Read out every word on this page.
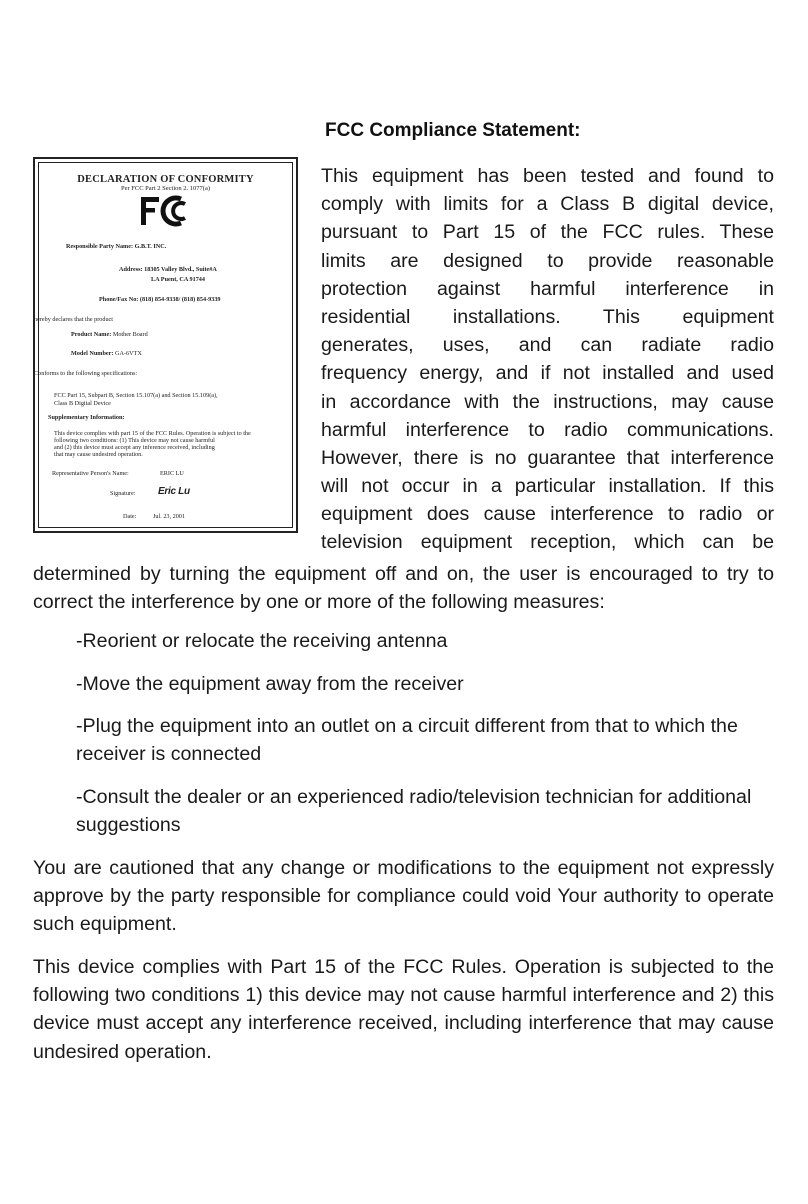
FCC Compliance Statement:
DECLARATION OF CONFORMITY
Per FCC Part 2 Section 2. 1077(a)
Responsible Party Name: G.B.T. INC.
Address: 18305 Valley Blvd., Suite#A
LA Puent, CA 91744
Phone/Fax No: (818) 854-9338/ (818) 854-9339
hereby declares that the product
Product Name: Mother Board
Model Number: GA-6VTX
Conforms to the following specifications:
FCC Part 15, Subpart B, Section 15.107(a) and Section 15.109(a),
Class B Digital Device
Supplementary Information:
This device complies with part 15 of the FCC Rules. Operation is subject to the
following two conditions: (1) This device may not cause harmful
and (2) this device must accept any inference received, including
that may cause undesired operation.
Representative Person's Name:	ERIC LU
Signature: Eric Lu
Date:	Jul. 23, 2001
This equipment has been tested and found to
comply with limits for a Class B digital device,
pursuant to Part 15 of the FCC rules. These
limits are designed to provide reasonable
protection against harmful interference in
residential installations. This equipment
generates, uses, and can radiate radio
frequency energy, and if not installed and used
in accordance with the instructions, may cause
harmful interference to radio communications.
However, there is no guarantee that interference
will not occur in a particular installation. If this
equipment does cause interference to radio or
television equipment reception, which can be

determined by turning the equipment off and on, the user is encouraged to try to correct the interference by one or more of the following measures:

-Reorient or relocate the receiving antenna

-Move the equipment away from the receiver

-Plug the equipment into an outlet on a circuit different from that to which the receiver is connected

-Consult the dealer or an experienced radio/television technician for additional suggestions

You are cautioned that any change or modifications to the equipment not expressly approve by the party responsible for compliance could void Your authority to operate such equipment.

This device complies with Part 15 of the FCC Rules. Operation is subjected to the following two conditions 1) this device may not cause harmful interference and 2) this device must accept any interference received, including interference that may cause undesired operation.
